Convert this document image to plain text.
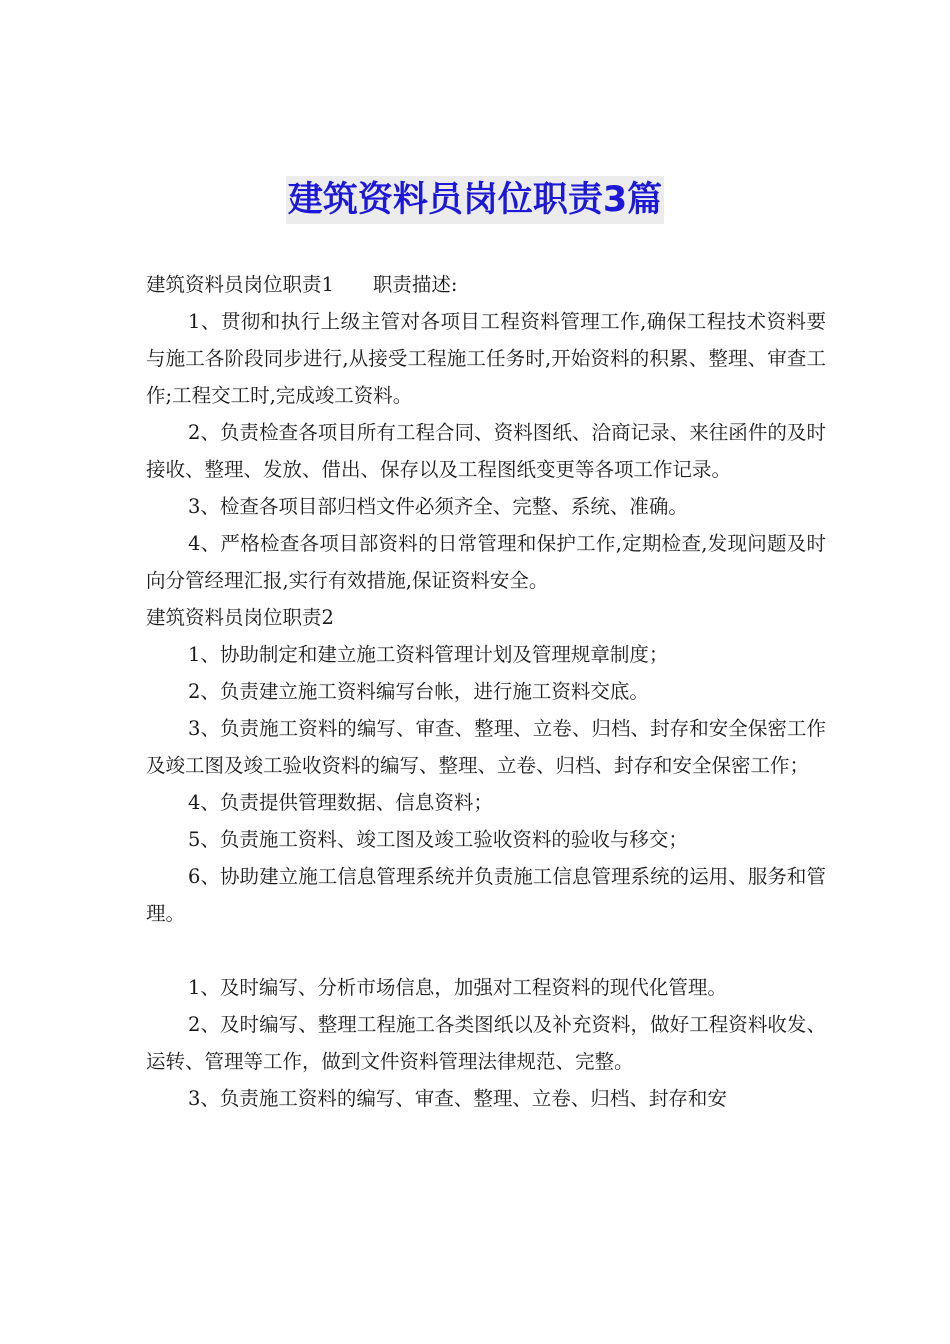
建筑资料员岗位职责3篇

建筑资料员岗位职责1　　职责描述:

1、贯彻和执行上级主管对各项目工程资料管理工作,确保工程技术资料要与施工各阶段同步进行,从接受工程施工任务时,开始资料的积累、整理、审查工作;工程交工时,完成竣工资料。

2、负责检查各项目所有工程合同、资料图纸、洽商记录、来往函件的及时接收、整理、发放、借出、保存以及工程图纸变更等各项工作记录。

3、检查各项目部归档文件必须齐全、完整、系统、准确。

4、严格检查各项目部资料的日常管理和保护工作,定期检查,发现问题及时向分管经理汇报,实行有效措施,保证资料安全。

建筑资料员岗位职责2

1、协助制定和建立施工资料管理计划及管理规章制度；

2、负责建立施工资料编写台帐，进行施工资料交底。

3、负责施工资料的编写、审查、整理、立卷、归档、封存和安全保密工作及竣工图及竣工验收资料的编写、整理、立卷、归档、封存和安全保密工作；

4、负责提供管理数据、信息资料；

5、负责施工资料、竣工图及竣工验收资料的验收与移交；

6、协助建立施工信息管理系统并负责施工信息管理系统的运用、服务和管理。

1、及时编写、分析市场信息，加强对工程资料的现代化管理。

2、及时编写、整理工程施工各类图纸以及补充资料，做好工程资料收发、运转、管理等工作，做到文件资料管理法律规范、完整。

3、负责施工资料的编写、审查、整理、立卷、归档、封存和安
